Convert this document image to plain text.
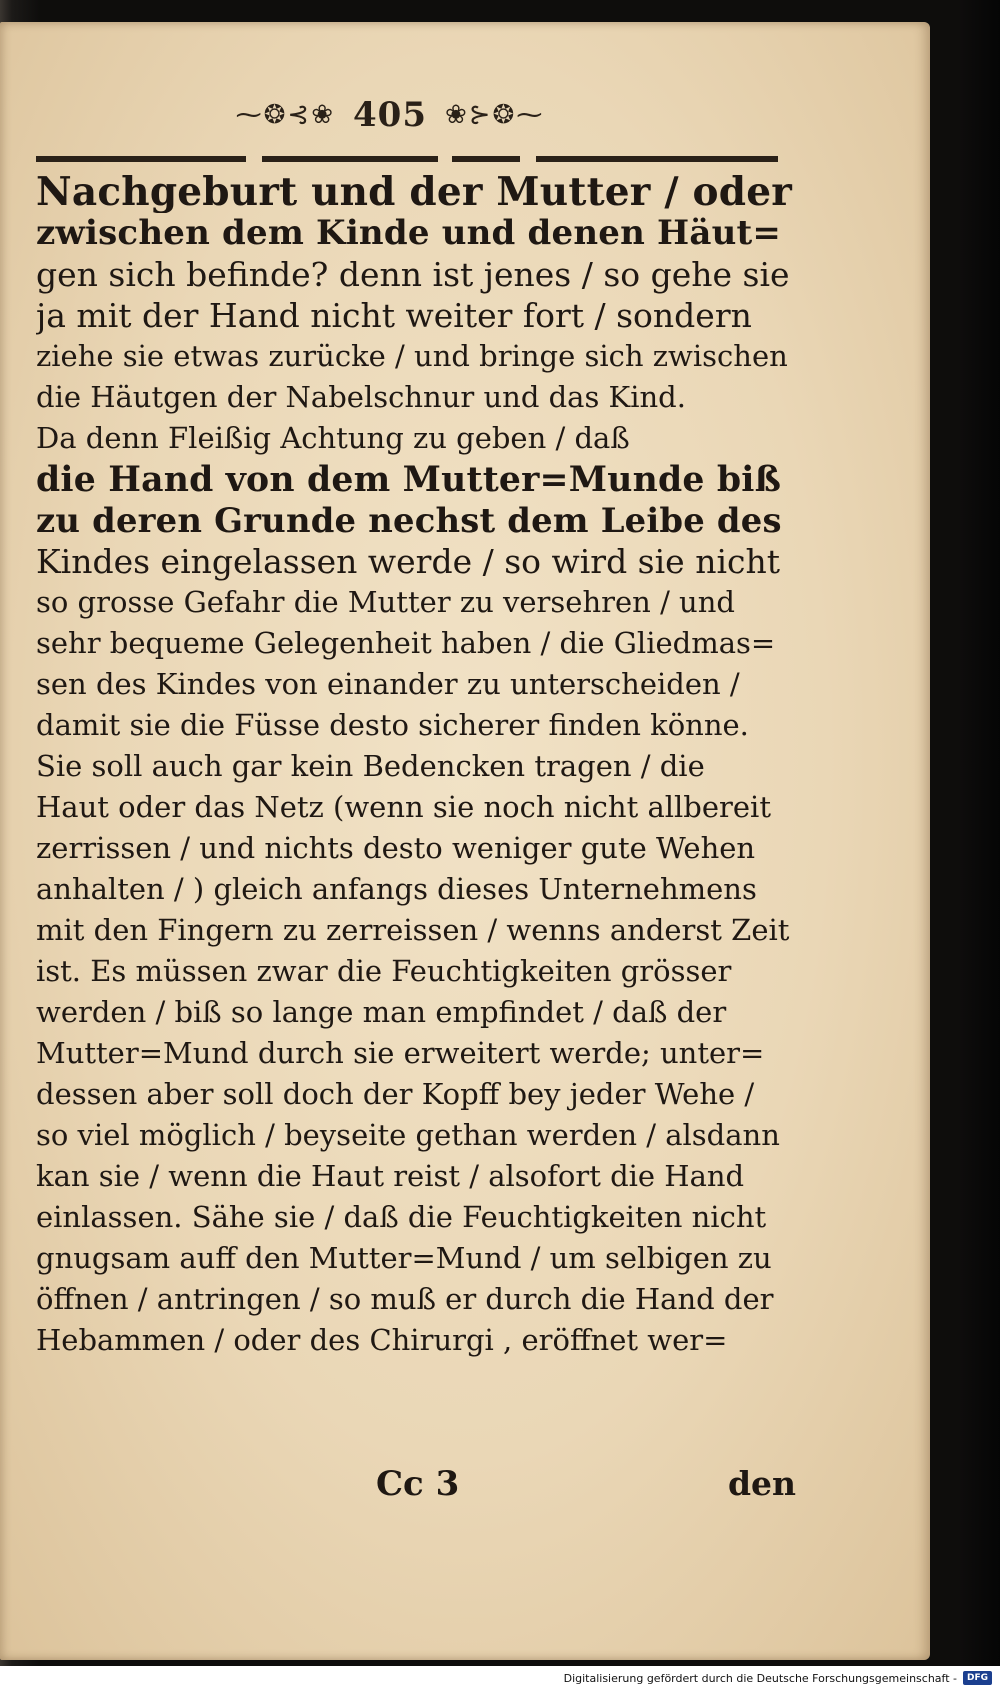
⁓❂⊰❀ 405 ❀⊱❂⁓
Nachgeburt und der Mutter / oder
zwischen dem Kinde und denen Häut=
gen sich befinde? denn ist jenes / so gehe sie
ja mit der Hand nicht weiter fort / sondern
ziehe sie etwas zurücke / und bringe sich zwischen
die Häutgen der Nabelschnur und das Kind.
Da denn Fleißig Achtung zu geben / daß
die Hand von dem Mutter=Munde biß
zu deren Grunde nechst dem Leibe des
Kindes eingelassen werde / so wird sie nicht
so grosse Gefahr die Mutter zu versehren / und
sehr bequeme Gelegenheit haben / die Gliedmas=
sen des Kindes von einander zu unterscheiden /
damit sie die Füsse desto sicherer finden könne.
Sie soll auch gar kein Bedencken tragen / die
Haut oder das Netz (wenn sie noch nicht allbereit
zerrissen / und nichts desto weniger gute Wehen
anhalten / ) gleich anfangs dieses Unternehmens
mit den Fingern zu zerreissen / wenns anderst Zeit
ist. Es müssen zwar die Feuchtigkeiten grösser
werden / biß so lange man empfindet / daß der
Mutter=Mund durch sie erweitert werde; unter=
dessen aber soll doch der Kopff bey jeder Wehe /
so viel möglich / beyseite gethan werden / alsdann
kan sie / wenn die Haut reist / alsofort die Hand
einlassen. Sähe sie / daß die Feuchtigkeiten nicht
gnugsam auff den Mutter=Mund / um selbigen zu
öffnen / antringen / so muß er durch die Hand der
Hebammen / oder des Chirurgi , eröffnet wer=
Cc 3	den
Digitalisierung gefördert durch die Deutsche Forschungsgemeinschaft -	DFG
